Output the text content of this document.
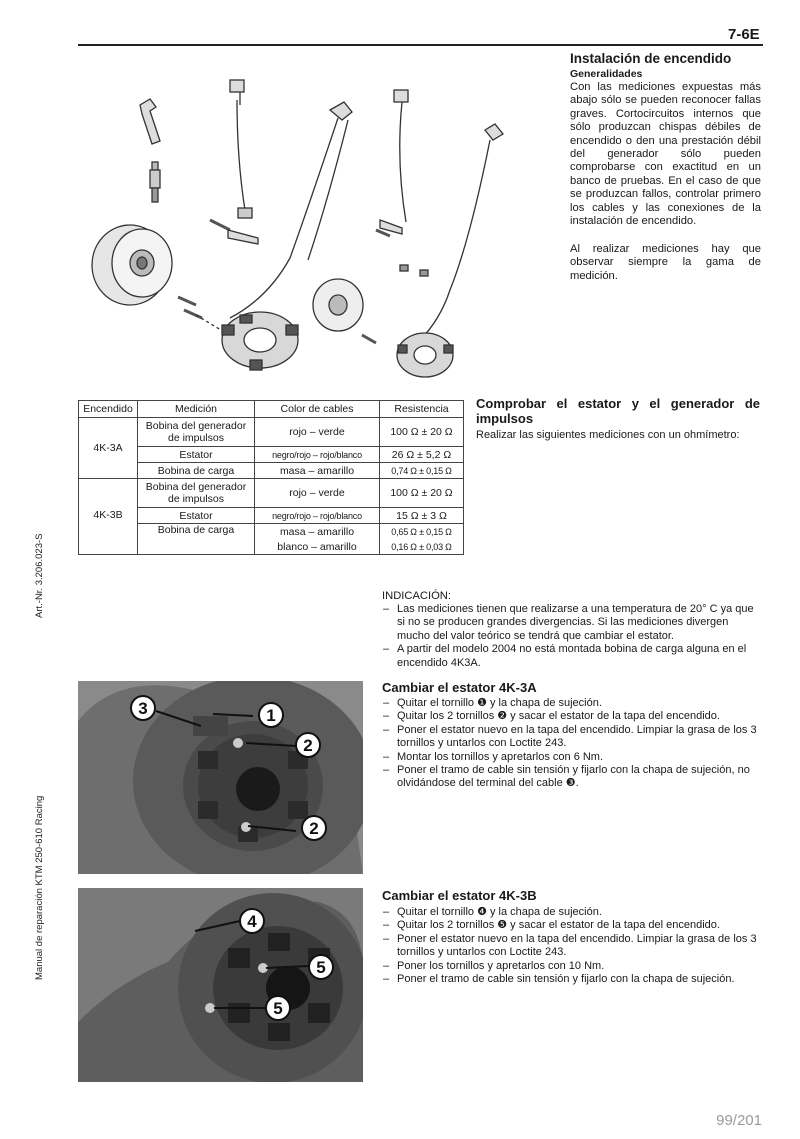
7-6E
Instalación de encendido
Generalidades
Con las mediciones expuestas más abajo sólo se pueden reconocer fallas graves. Cortocircuitos internos que sólo produzcan chispas débiles de encendido o den una prestación débil del generador sólo pueden comprobarse con exactitud en un banco de pruebas. En el caso de que se produzcan fallos, controlar primero los cables y las conexiones de la instalación de encendido.
Al realizar mediciones hay que observar siempre la gama de medición.
Encendido	Medición	Color de cables	Resistencia
4K-3A	Bobina del generador de impulsos	rojo – verde	100 Ω ± 20 Ω
	Estator	negro/rojo – rojo/blanco	26 Ω ± 5,2 Ω
	Bobina de carga	masa – amarillo	0,74 Ω ± 0,15 Ω
4K-3B	Bobina del generador de impulsos	rojo – verde	100 Ω ± 20 Ω
	Estator	negro/rojo – rojo/blanco	15 Ω ± 3 Ω
	Bobina de carga	masa – amarillo	0,65 Ω ± 0,15 Ω
		blanco – amarillo	0,16 Ω ± 0,03 Ω
Comprobar el estator y el generador de impulsos
Realizar las siguientes mediciones con un ohmímetro:
INDICACIÓN:
– Las mediciones tienen que realizarse a una temperatura de 20° C ya que si no se producen grandes divergencias. Si las mediciones divergen mucho del valor teórico se tendrá que cambiar el estator.
– A partir del modelo 2004 no está montada bobina de carga alguna en el encendido 4K3A.
1
2
2
3
Cambiar el estator 4K-3A
– Quitar el tornillo ❶ y la chapa de sujeción.
– Quitar los 2 tornillos ❷ y sacar el estator de la tapa del encendido.
– Poner el estator nuevo en la tapa del encendido. Limpiar la grasa de los 3 tornillos y untarlos con Loctite 243.
– Montar los tornillos y apretarlos con 6 Nm.
– Poner el tramo de cable sin tensión y fijarlo con la chapa de sujeción, no olvidándose del terminal del cable ❸.
4
5
5
Cambiar el estator 4K-3B
– Quitar el tornillo ❹ y la chapa de sujeción.
– Quitar los 2 tornillos ❺ y sacar el estator de la tapa del encendido.
– Poner el estator nuevo en la tapa del encendido. Limpiar la grasa de los 3 tornillos y untarlos con Loctite 243.
– Poner los tornillos y apretarlos con 10 Nm.
– Poner el tramo de cable sin tensión y fijarlo con la chapa de sujeción.
Art.-Nr. 3.206.023-S
Manual de reparación KTM 250-610 Racing
99/201
